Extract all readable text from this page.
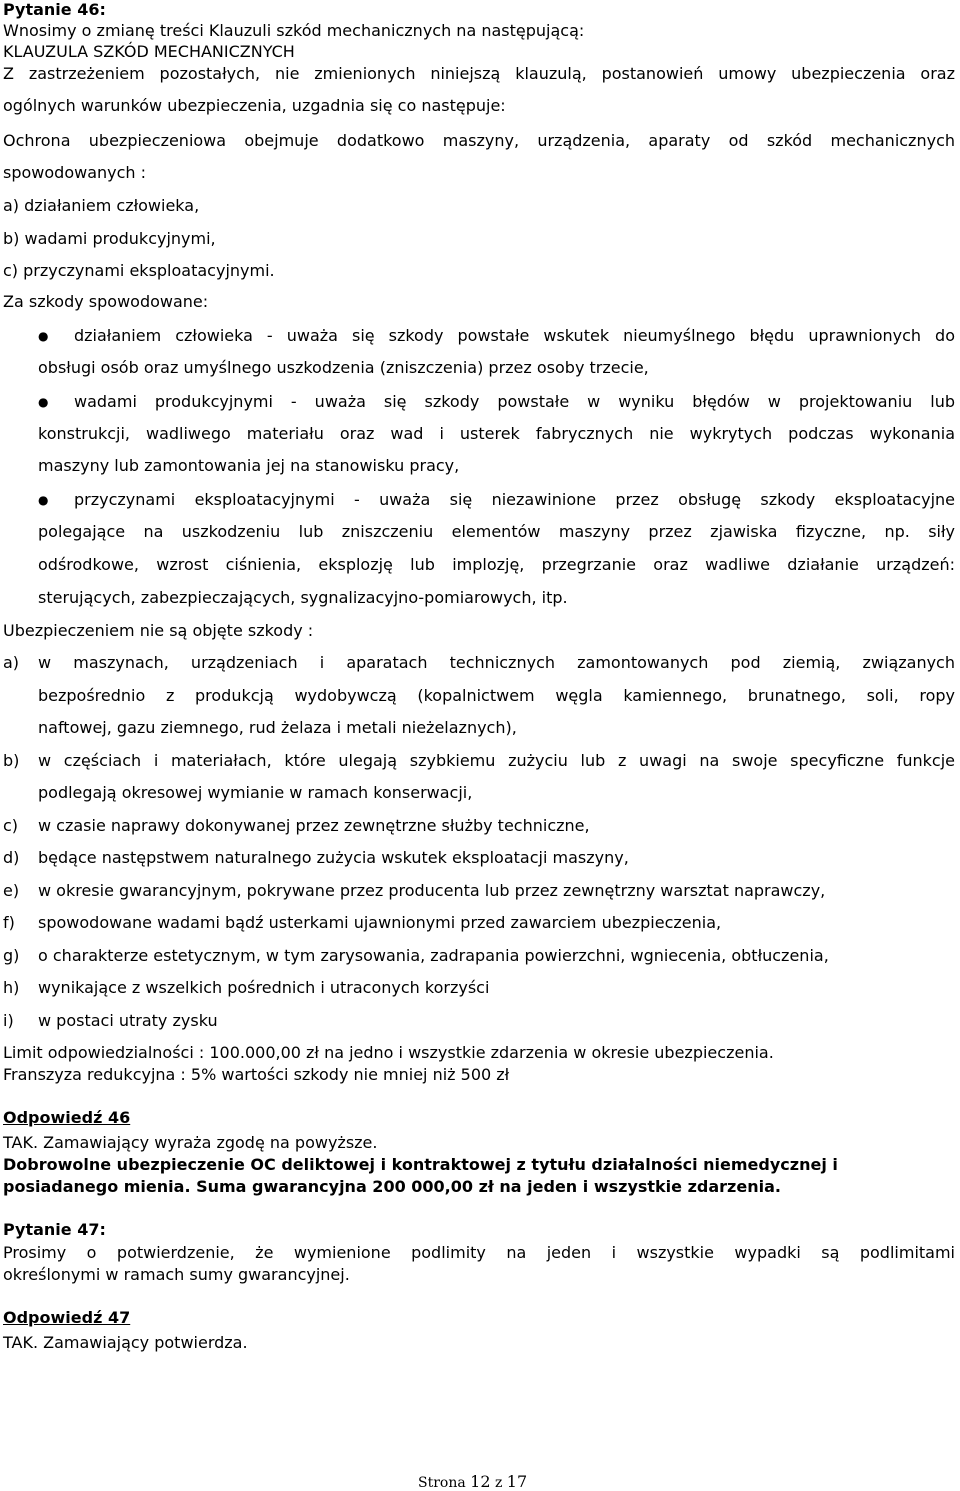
Pytanie 46:
Wnosimy o zmianę treści Klauzuli szkód mechanicznych na następującą:
KLAUZULA SZKÓD MECHANICZNYCH
Z zastrzeżeniem pozostałych, nie zmienionych niniejszą klauzulą, postanowień umowy ubezpieczenia oraz
ogólnych warunków ubezpieczenia, uzgadnia się co następuje:
Ochrona ubezpieczeniowa obejmuje dodatkowo maszyny, urządzenia, aparaty od szkód mechanicznych
spowodowanych :
a) działaniem człowieka,
b) wadami produkcyjnymi,
c) przyczynami eksploatacyjnymi.
Za szkody spowodowane:
● działaniem człowieka - uważa się szkody powstałe wskutek nieumyślnego błędu uprawnionych do
obsługi osób oraz umyślnego uszkodzenia (zniszczenia) przez osoby trzecie,
● wadami produkcyjnymi - uważa się szkody powstałe w wyniku błędów w projektowaniu lub
konstrukcji, wadliwego materiału oraz wad i usterek fabrycznych nie wykrytych podczas wykonania
maszyny lub zamontowania jej na stanowisku pracy,
● przyczynami eksploatacyjnymi - uważa się niezawinione przez obsługę szkody eksploatacyjne
polegające na uszkodzeniu lub zniszczeniu elementów maszyny przez zjawiska fizyczne, np. siły
odśrodkowe, wzrost ciśnienia, eksplozję lub implozję, przegrzanie oraz wadliwe działanie urządzeń:
sterujących, zabezpieczających, sygnalizacyjno-pomiarowych, itp.
Ubezpieczeniem nie są objęte szkody :
a) w maszynach, urządzeniach i aparatach technicznych zamontowanych pod ziemią, związanych
bezpośrednio z produkcją wydobywczą (kopalnictwem węgla kamiennego, brunatnego, soli, ropy
naftowej, gazu ziemnego, rud żelaza i metali nieżelaznych),
b) w częściach i materiałach, które ulegają szybkiemu zużyciu lub z uwagi na swoje specyficzne funkcje
podlegają okresowej wymianie w ramach konserwacji,
c) w czasie naprawy dokonywanej przez zewnętrzne służby techniczne,
d) będące następstwem naturalnego zużycia wskutek eksploatacji maszyny,
e) w okresie gwarancyjnym, pokrywane przez producenta lub przez zewnętrzny warsztat naprawczy,
f) spowodowane wadami bądź usterkami ujawnionymi przed zawarciem ubezpieczenia,
g) o charakterze estetycznym, w tym zarysowania, zadrapania powierzchni, wgniecenia, obtłuczenia,
h) wynikające z wszelkich pośrednich i utraconych korzyści
i) w postaci utraty zysku
Limit odpowiedzialności : 100.000,00 zł na jedno i wszystkie zdarzenia w okresie ubezpieczenia.
Franszyza redukcyjna : 5% wartości szkody nie mniej niż 500 zł
Odpowiedź 46
TAK. Zamawiający wyraża zgodę na powyższe.
Dobrowolne ubezpieczenie OC deliktowej i kontraktowej z tytułu działalności niemedycznej i
posiadanego mienia. Suma gwarancyjna 200 000,00 zł na jeden i wszystkie zdarzenia.
Pytanie 47:
Prosimy o potwierdzenie, że wymienione podlimity na jeden i wszystkie wypadki są podlimitami
określonymi w ramach sumy gwarancyjnej.
Odpowiedź 47
TAK. Zamawiający potwierdza.
Strona 12 z 17
